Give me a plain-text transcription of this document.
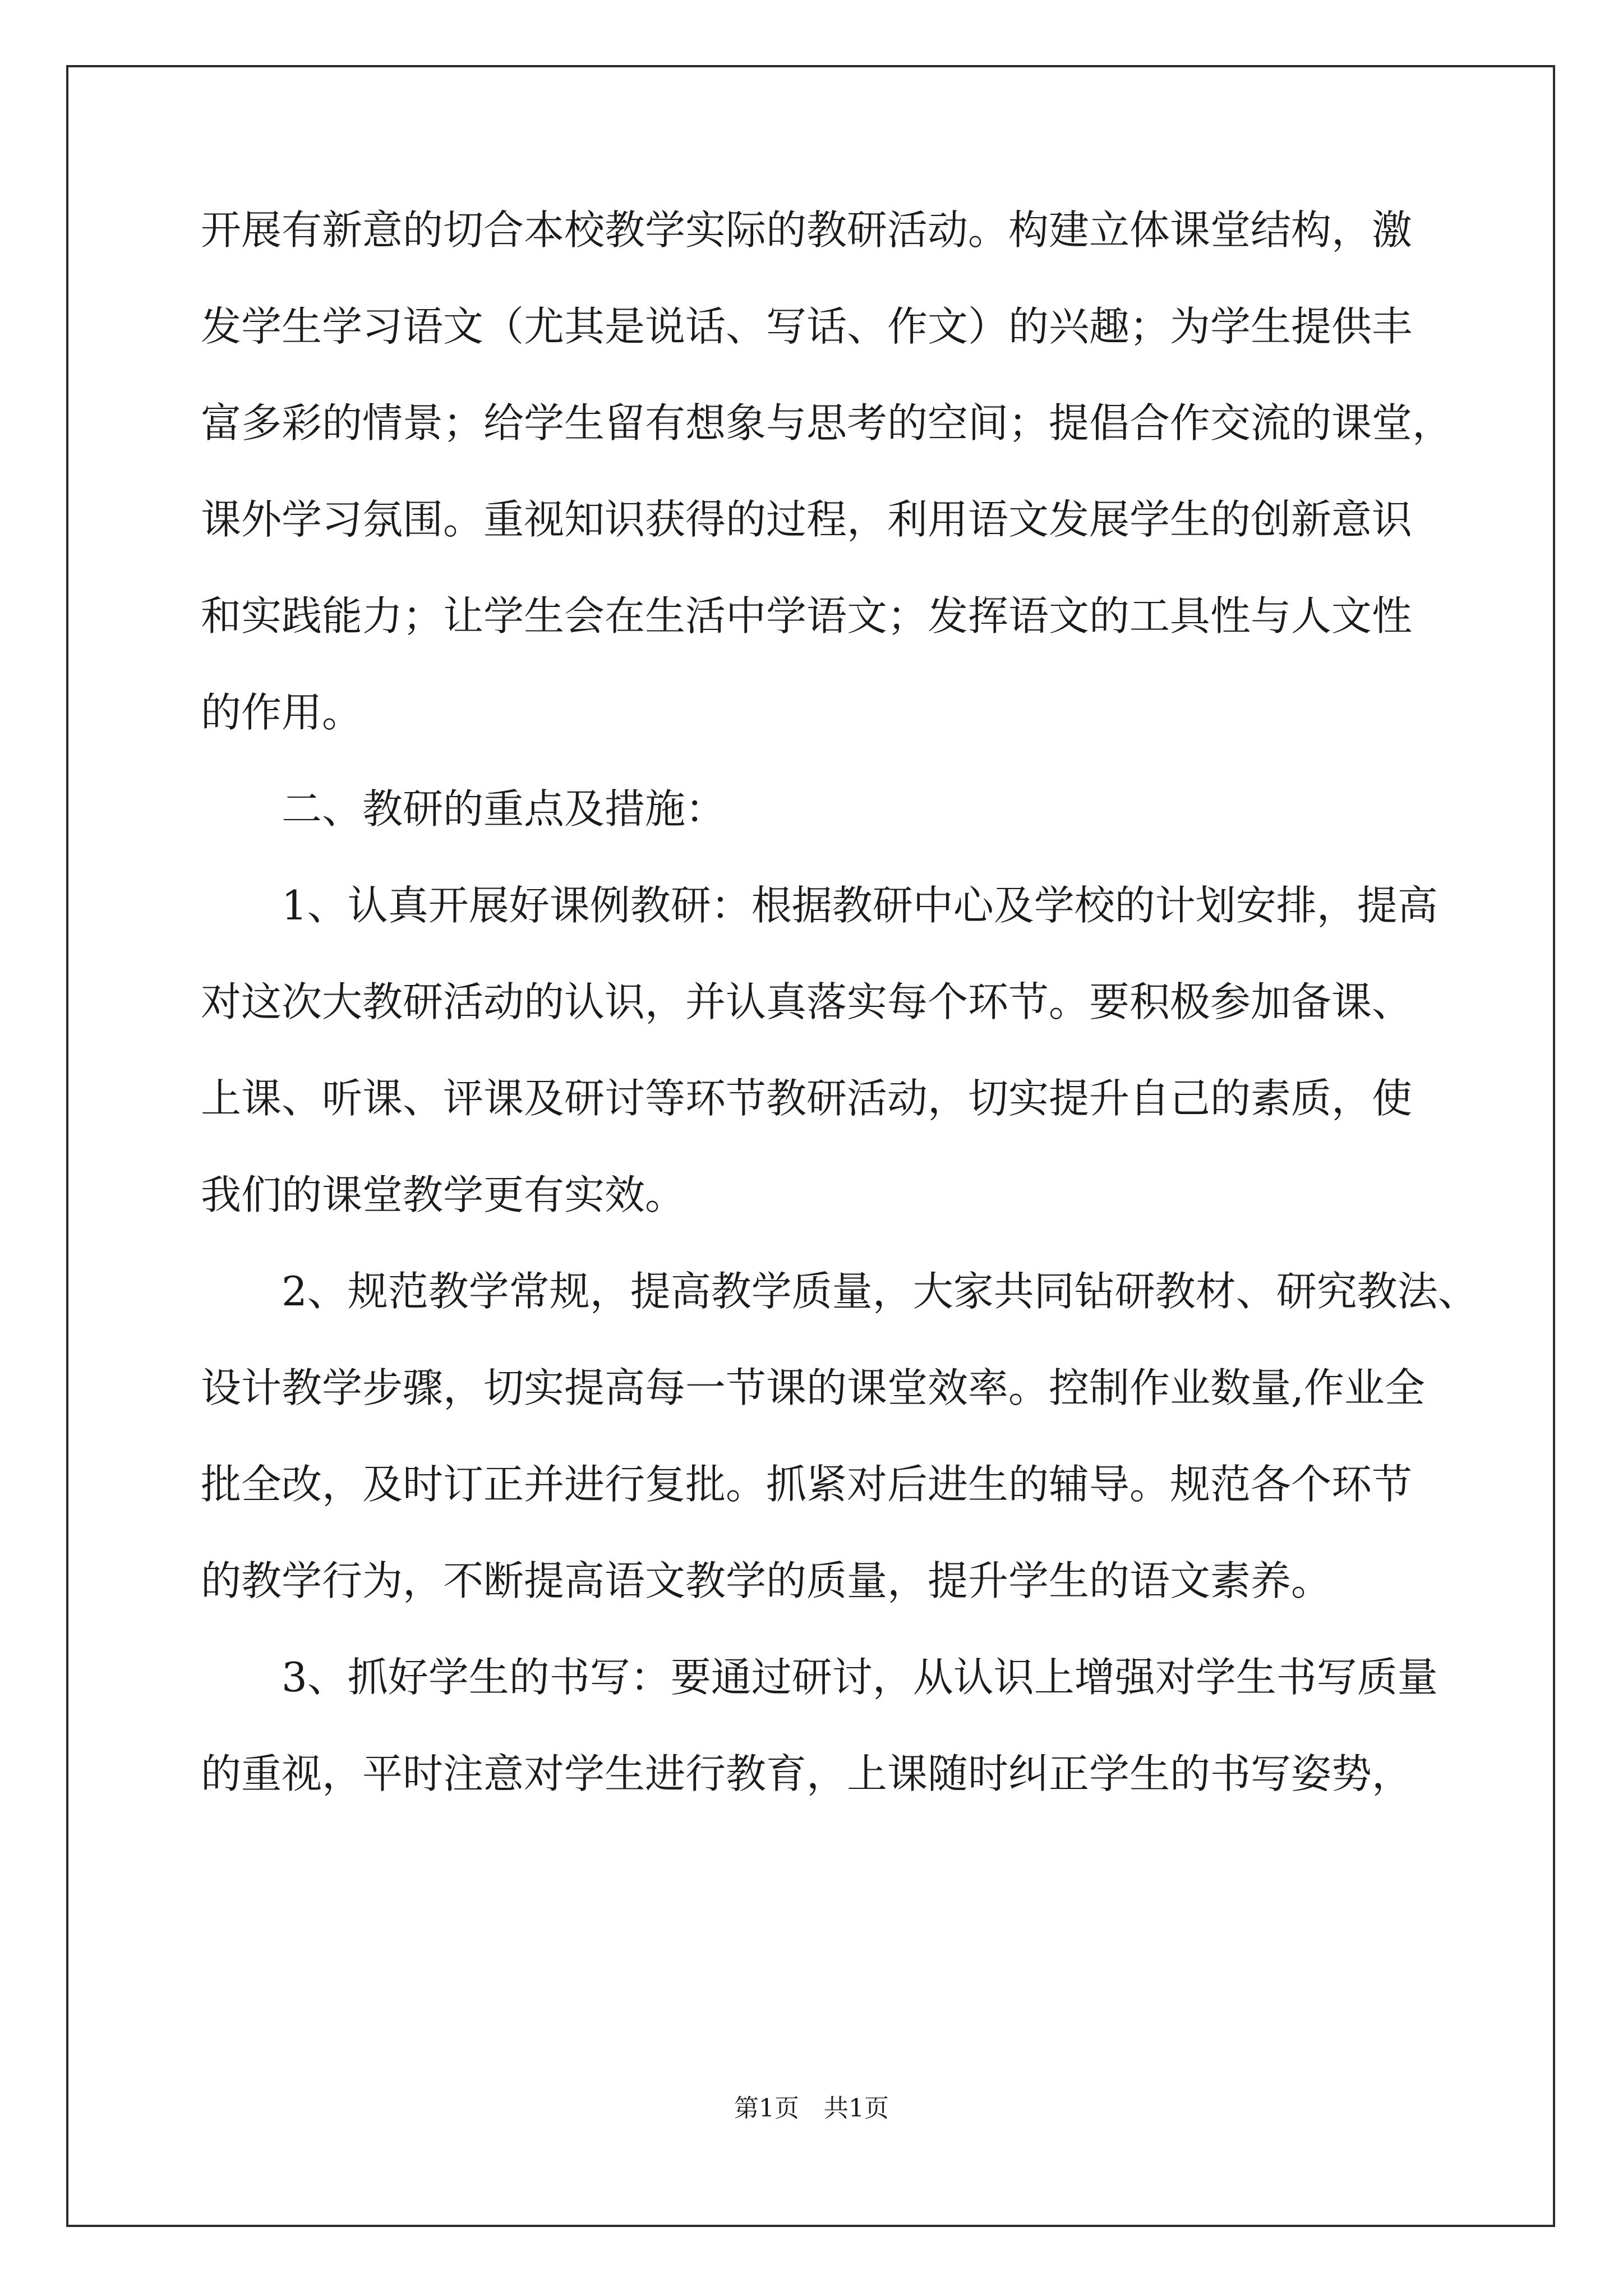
开展有新意的切合本校教学实际的教研活动。构建立体课堂结构，激
发学生学习语文（尤其是说话、写话、作文）的兴趣；为学生提供丰
富多彩的情景；给学生留有想象与思考的空间；提倡合作交流的课堂，
课外学习氛围。重视知识获得的过程，利用语文发展学生的创新意识
和实践能力；让学生会在生活中学语文；发挥语文的工具性与人文性
的作用。
　　二、教研的重点及措施：
　　1、认真开展好课例教研：根据教研中心及学校的计划安排，提高
对这次大教研活动的认识，并认真落实每个环节。要积极参加备课、
上课、听课、评课及研讨等环节教研活动，切实提升自己的素质，使
我们的课堂教学更有实效。
　　2、规范教学常规，提高教学质量，大家共同钻研教材、研究教法、
设计教学步骤，切实提高每一节课的课堂效率。控制作业数量,作业全
批全改，及时订正并进行复批。抓紧对后进生的辅导。规范各个环节
的教学行为，不断提高语文教学的质量，提升学生的语文素养。
　　3、抓好学生的书写：要通过研讨，从认识上增强对学生书写质量
的重视，平时注意对学生进行教育，上课随时纠正学生的书写姿势，
第1页　共1页
